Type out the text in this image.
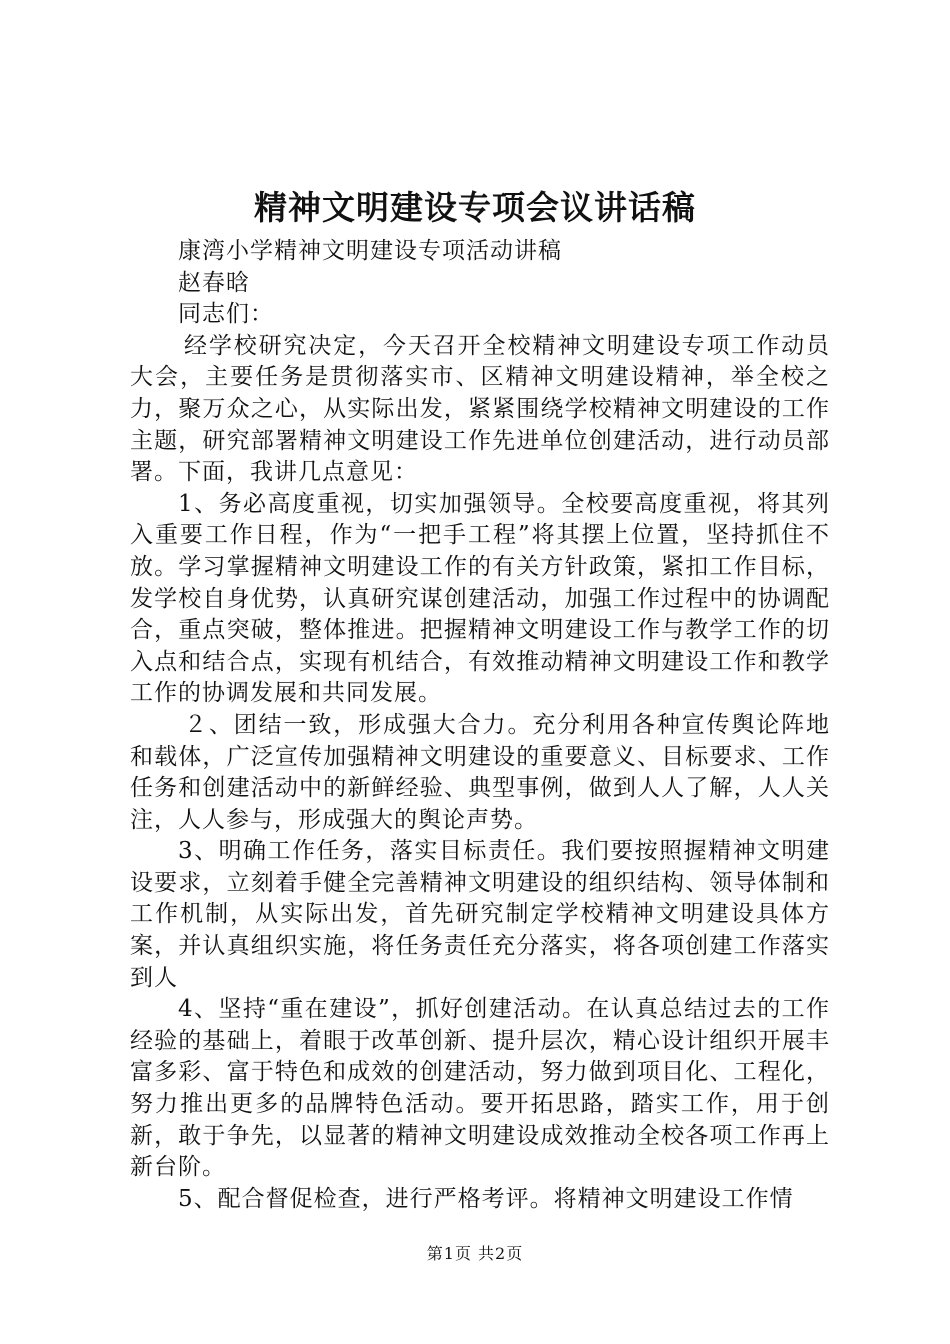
精神文明建设专项会议讲话稿

康湾小学精神文明建设专项活动讲稿

赵春晗

同志们：

经学校研究决定，今天召开全校精神文明建设专项工作动员大会，主要任务是贯彻落实市、区精神文明建设精神，举全校之力，聚万众之心，从实际出发，紧紧围绕学校精神文明建设的工作主题，研究部署精神文明建设工作先进单位创建活动，进行动员部署。下面，我讲几点意见：

1、务必高度重视，切实加强领导。全校要高度重视，将其列入重要工作日程，作为“一把手工程”将其摆上位置，坚持抓住不放。学习掌握精神文明建设工作的有关方针政策，紧扣工作目标，发学校自身优势，认真研究谋创建活动，加强工作过程中的协调配合，重点突破，整体推进。把握精神文明建设工作与教学工作的切入点和结合点，实现有机结合，有效推动精神文明建设工作和教学工作的协调发展和共同发展。

２、团结一致，形成强大合力。充分利用各种宣传舆论阵地和载体，广泛宣传加强精神文明建设的重要意义、目标要求、工作任务和创建活动中的新鲜经验、典型事例，做到人人了解，人人关注，人人参与，形成强大的舆论声势。

3、明确工作任务，落实目标责任。我们要按照握精神文明建设要求，立刻着手健全完善精神文明建设的组织结构、领导体制和工作机制，从实际出发，首先研究制定学校精神文明建设具体方案，并认真组织实施，将任务责任充分落实，将各项创建工作落实到人

4、坚持“重在建设”，抓好创建活动。在认真总结过去的工作经验的基础上，着眼于改革创新、提升层次，精心设计组织开展丰富多彩、富于特色和成效的创建活动，努力做到项目化、工程化，努力推出更多的品牌特色活动。要开拓思路，踏实工作，用于创新，敢于争先，以显著的精神文明建设成效推动全校各项工作再上新台阶。

5、配合督促检查，进行严格考评。将精神文明建设工作情

第1页 共2页
